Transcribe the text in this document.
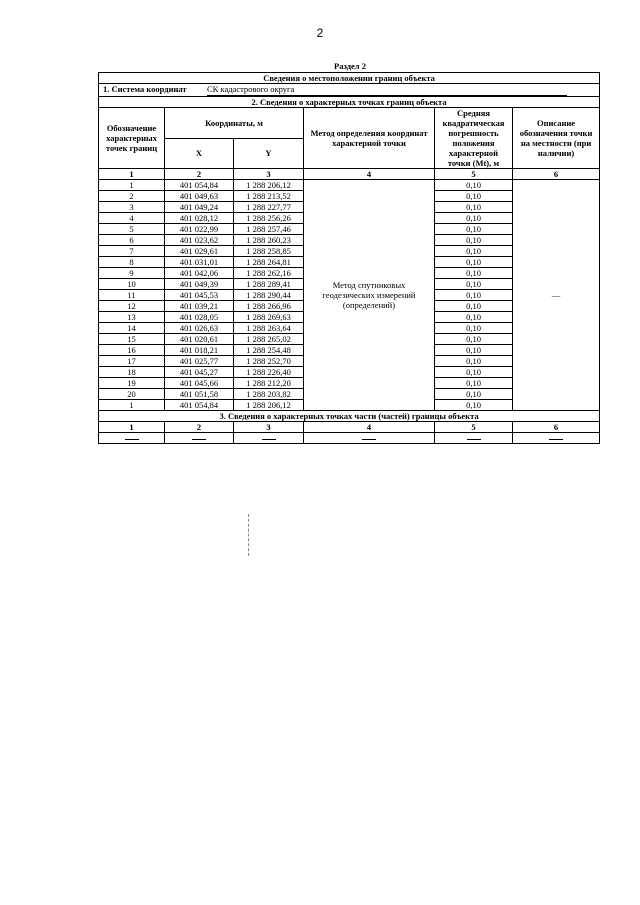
2
Раздел 2
Сведения о местоположении границ объекта					
1. Система координат СК кадастрового округа					
2. Сведения о характерных точках границ объекта					
Обозначение характерных точек границ	Координаты, м		Метод определения координат характерной точки	Средняя квадратическая погрешность положения характерной точки (Mt), м	Описание обозначения точки на местности (при наличии)
	X	Y			
1	2	3	4	5	6
1	401 054,84	1 288 206,12	Метод спутниковых геодезических измерений (определений)	0,10	—
2	401 049,63	1 288 213,52		0,10	
3	401 049,24	1 288 227,77		0,10	
4	401 028,12	1 288 256,26		0,10	
5	401 022,99	1 288 257,46		0,10	
6	401 023,62	1 288 260,23		0,10	
7	401 029,61	1 288 258,85		0,10	
8	401 031,01	1 288 264,81		0,10	
9	401 042,06	1 288 262,16		0,10	
10	401 049,39	1 288 289,41		0,10	
11	401 045,53	1 288 290,44		0,10	
12	401 039,21	1 288 266,96		0,10	
13	401 028,05	1 288 269,63		0,10	
14	401 026,63	1 288 263,64		0,10	
15	401 020,61	1 288 265,02		0,10	
16	401 018,21	1 288 254,48		0,10	
17	401 025,77	1 288 252,70		0,10	
18	401 045,27	1 288 226,40		0,10	
19	401 045,66	1 288 212,20		0,10	
20	401 051,58	1 288 203,82		0,10	
1	401 054,84	1 288 206,12		0,10	
3. Сведения о характерных точках части (частей) границы объекта					
1	2	3	4	5	6
